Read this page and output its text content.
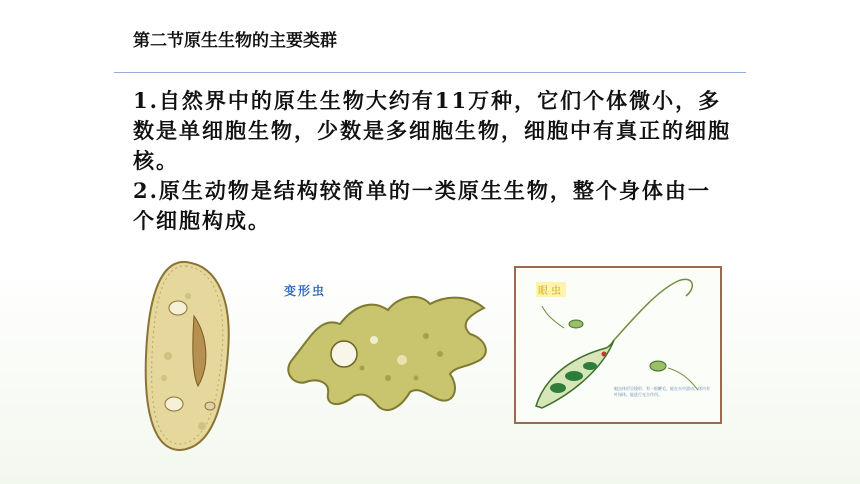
第二节原生生物的主要类群

1.自然界中的原生生物大约有11万种，它们个体微小，多数是单细胞生物，少数是多细胞生物，细胞中有真正的细胞核。

2.原生动物是结构较简单的一类原生生物，整个身体由一个细胞构成。

变形虫	眼虫
眼虫体形呈梭形，有一根鞭毛，能在水中游动；体内有叶绿体，能进行光合作用。
